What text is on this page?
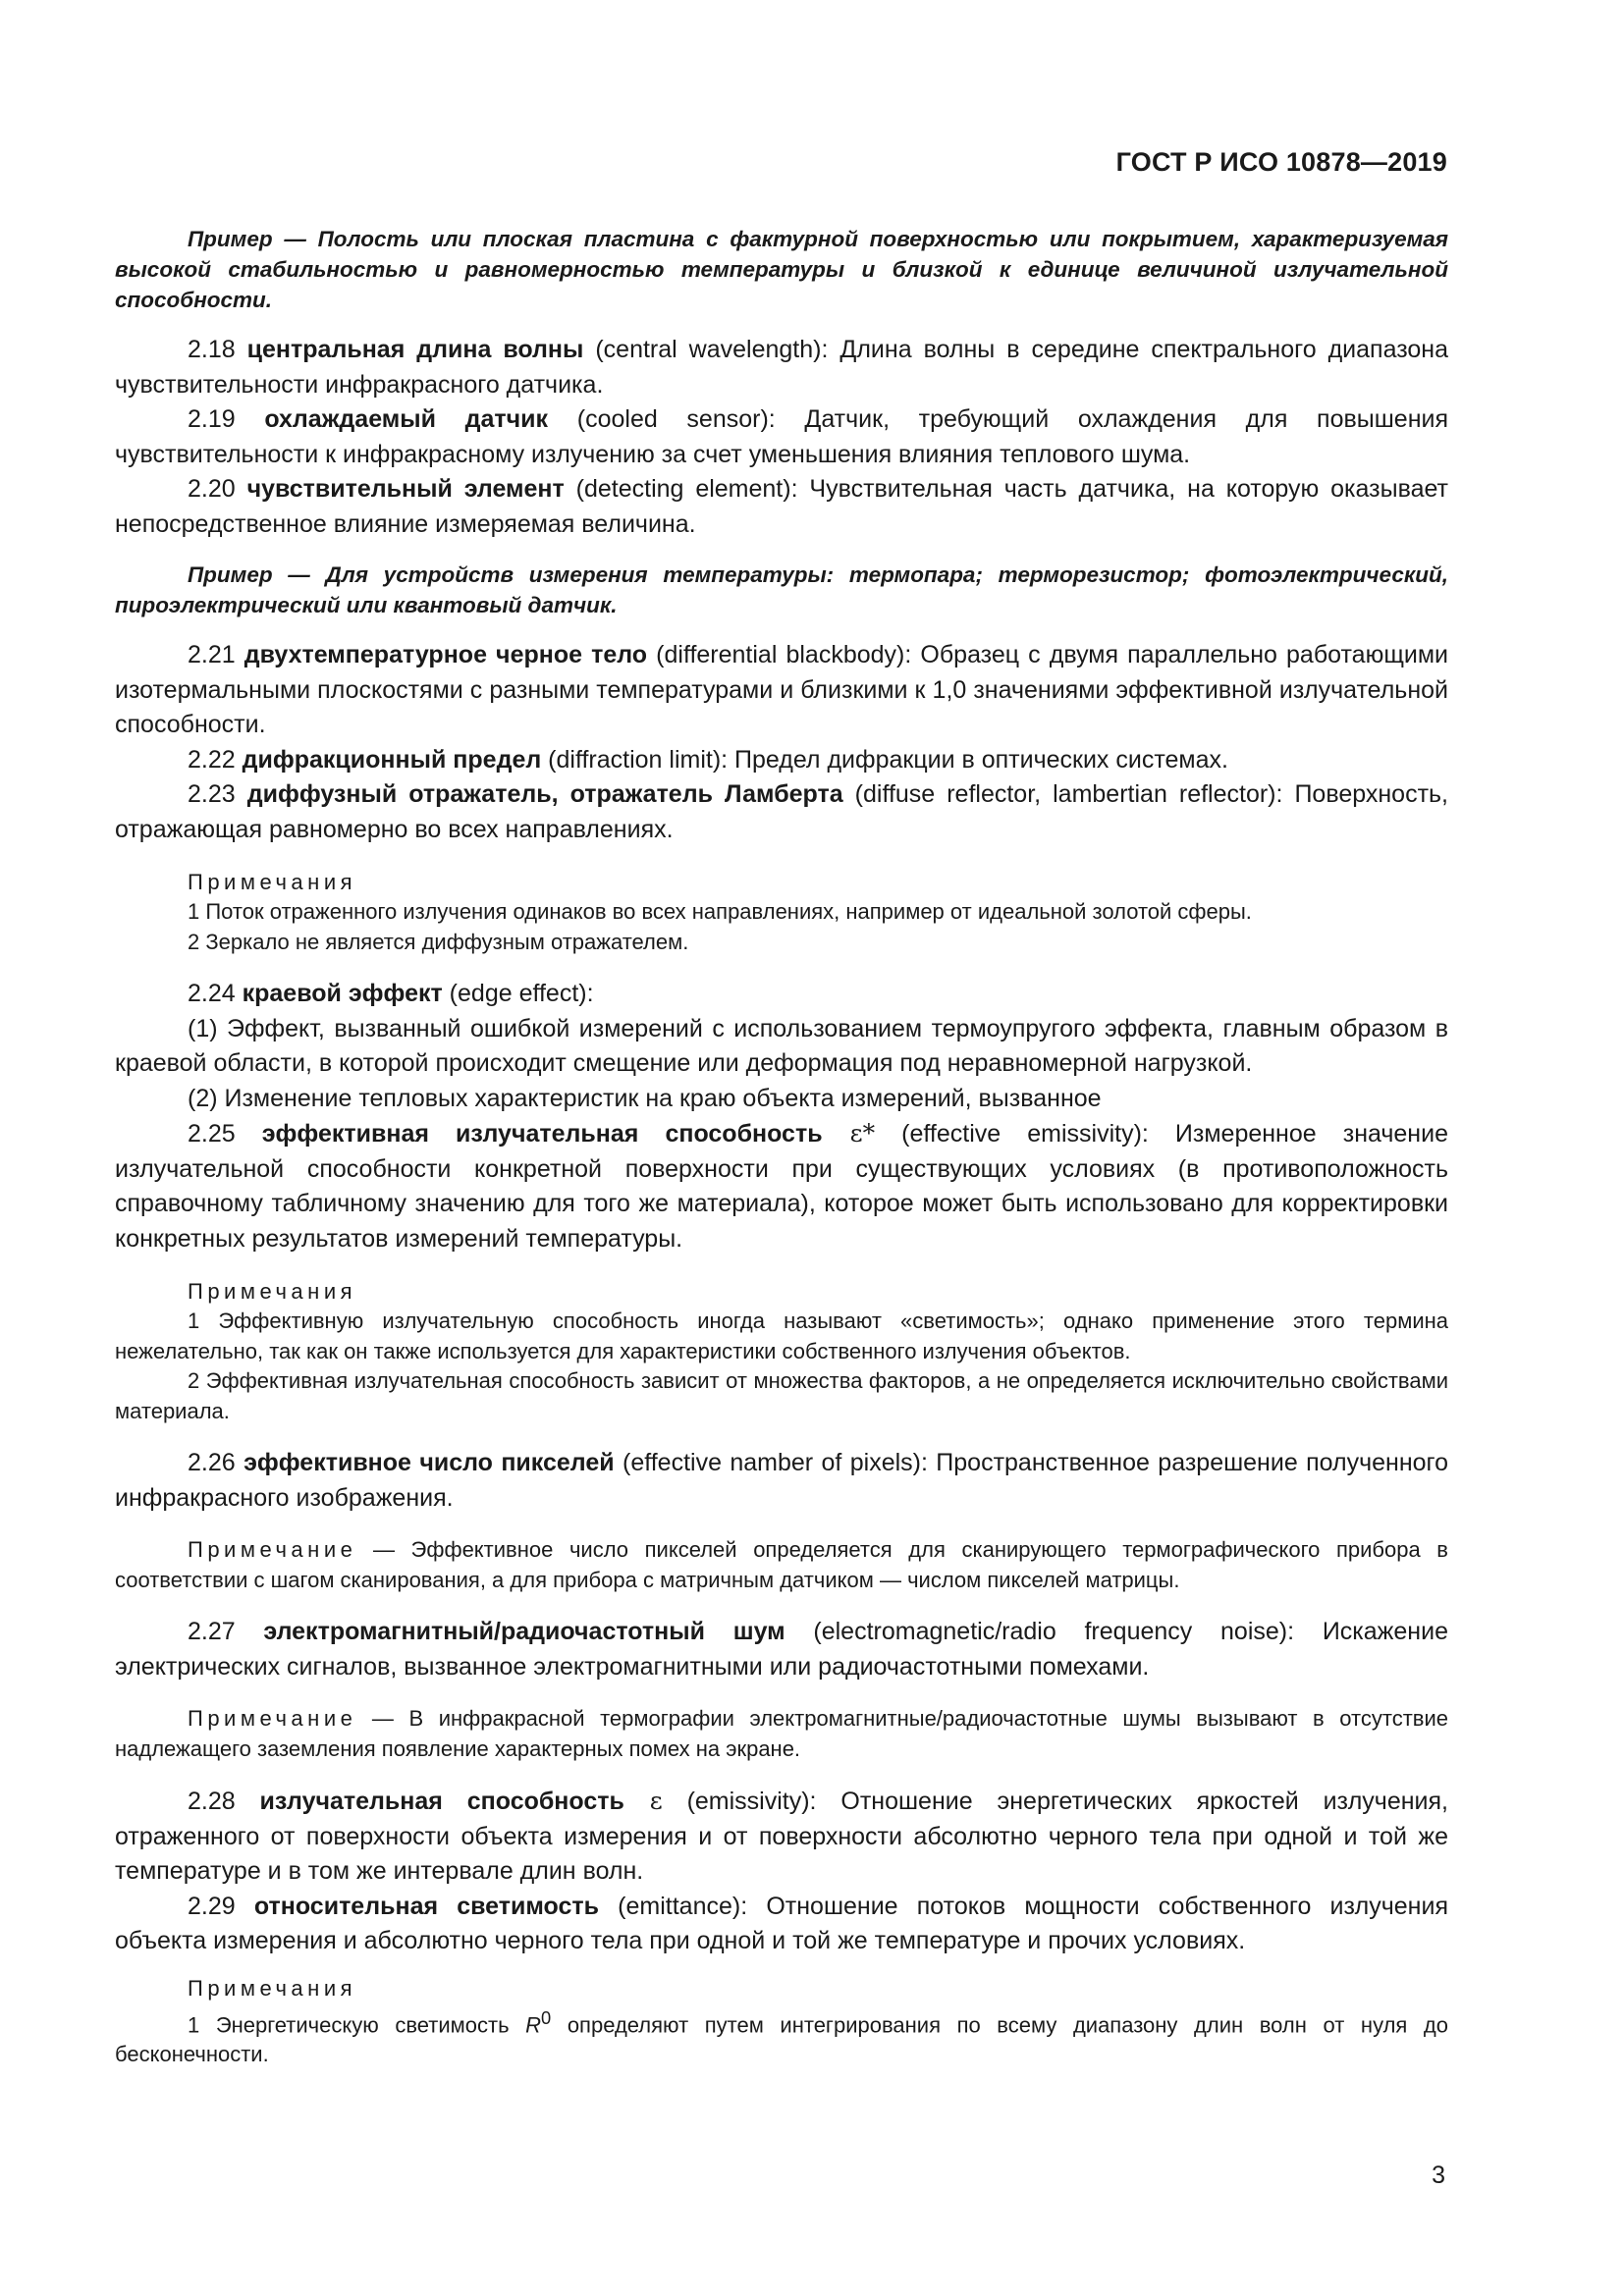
ГОСТ Р ИСО 10878—2019

Пример — Полость или плоская пластина с фактурной поверхностью или покрытием, характеризуемая высокой стабильностью и равномерностью температуры и близкой к единице величиной излучательной способности.

2.18 центральная длина волны (central wavelength): Длина волны в середине спектрального диапазона чувствительности инфракрасного датчика.

2.19 охлаждаемый датчик (cooled sensor): Датчик, требующий охлаждения для повышения чувствительности к инфракрасному излучению за счет уменьшения влияния теплового шума.

2.20 чувствительный элемент (detecting element): Чувствительная часть датчика, на которую оказывает непосредственное влияние измеряемая величина.

Пример — Для устройств измерения температуры: термопара; терморезистор; фотоэлектрический, пироэлектрический или квантовый датчик.

2.21 двухтемпературное черное тело (differential blackbody): Образец с двумя параллельно работающими изотермальными плоскостями с разными температурами и близкими к 1,0 значениями эффективной излучательной способности.

2.22 дифракционный предел (diffraction limit): Предел дифракции в оптических системах.

2.23 диффузный отражатель, отражатель Ламберта (diffuse reflector, lambertian reflector): Поверхность, отражающая равномерно во всех направлениях.

Примечания

1 Поток отраженного излучения одинаков во всех направлениях, например от идеальной золотой сферы.

2 Зеркало не является диффузным отражателем.

2.24 краевой эффект (edge effect):

(1) Эффект, вызванный ошибкой измерений с использованием термоупругого эффекта, главным образом в краевой области, в которой происходит смещение или деформация под неравномерной нагрузкой.

(2) Изменение тепловых характеристик на краю объекта измерений, вызванное

2.25 эффективная излучательная способность ε* (effective emissivity): Измеренное значение излучательной способности конкретной поверхности при существующих условиях (в противоположность справочному табличному значению для того же материала), которое может быть использовано для корректировки конкретных результатов измерений температуры.

Примечания

1 Эффективную излучательную способность иногда называют «светимость»; однако применение этого термина нежелательно, так как он также используется для характеристики собственного излучения объектов.

2 Эффективная излучательная способность зависит от множества факторов, а не определяется исключительно свойствами материала.

2.26 эффективное число пикселей (effective namber of pixels): Пространственное разрешение полученного инфракрасного изображения.

Примечание — Эффективное число пикселей определяется для сканирующего термографического прибора в соответствии с шагом сканирования, а для прибора с матричным датчиком — числом пикселей матрицы.

2.27 электромагнитный/радиочастотный шум (electromagnetic/radio frequency noise): Искажение электрических сигналов, вызванное электромагнитными или радиочастотными помехами.

Примечание — В инфракрасной термографии электромагнитные/радиочастотные шумы вызывают в отсутствие надлежащего заземления появление характерных помех на экране.

2.28 излучательная способность ε (emissivity): Отношение энергетических яркостей излучения, отраженного от поверхности объекта измерения и от поверхности абсолютно черного тела при одной и той же температуре и в том же интервале длин волн.

2.29 относительная светимость (emittance): Отношение потоков мощности собственного излучения объекта измерения и абсолютно черного тела при одной и той же температуре и прочих условиях.

Примечания

1 Энергетическую светимость $R^0$ определяют путем интегрирования по всему диапазону длин волн от нуля до бесконечности.

3
